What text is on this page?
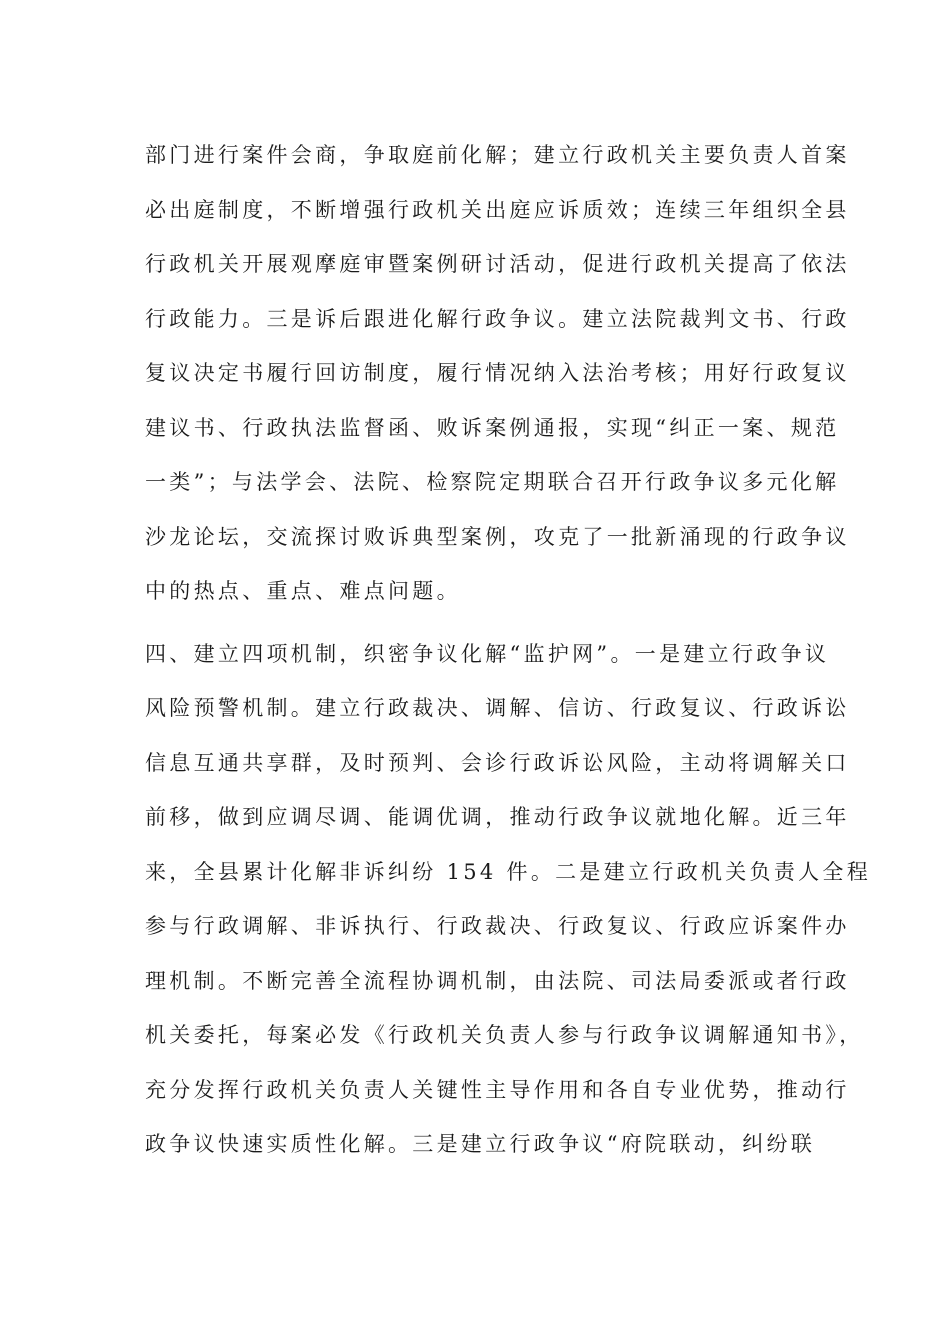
部门进行案件会商，争取庭前化解；建立行政机关主要负责人首案
必出庭制度，不断增强行政机关出庭应诉质效；连续三年组织全县
行政机关开展观摩庭审暨案例研讨活动，促进行政机关提高了依法
行政能力。三是诉后跟进化解行政争议。建立法院裁判文书、行政
复议决定书履行回访制度，履行情况纳入法治考核；用好行政复议
建议书、行政执法监督函、败诉案例通报，实现“纠正一案、规范
一类”；与法学会、法院、检察院定期联合召开行政争议多元化解
沙龙论坛，交流探讨败诉典型案例，攻克了一批新涌现的行政争议
中的热点、重点、难点问题。
四、建立四项机制，织密争议化解“监护网”。一是建立行政争议
风险预警机制。建立行政裁决、调解、信访、行政复议、行政诉讼
信息互通共享群，及时预判、会诊行政诉讼风险，主动将调解关口
前移，做到应调尽调、能调优调，推动行政争议就地化解。近三年
来，全县累计化解非诉纠纷 154 件。二是建立行政机关负责人全程
参与行政调解、非诉执行、行政裁决、行政复议、行政应诉案件办
理机制。不断完善全流程协调机制，由法院、司法局委派或者行政
机关委托，每案必发《行政机关负责人参与行政争议调解通知书》，
充分发挥行政机关负责人关键性主导作用和各自专业优势，推动行
政争议快速实质性化解。三是建立行政争议“府院联动，纠纷联
